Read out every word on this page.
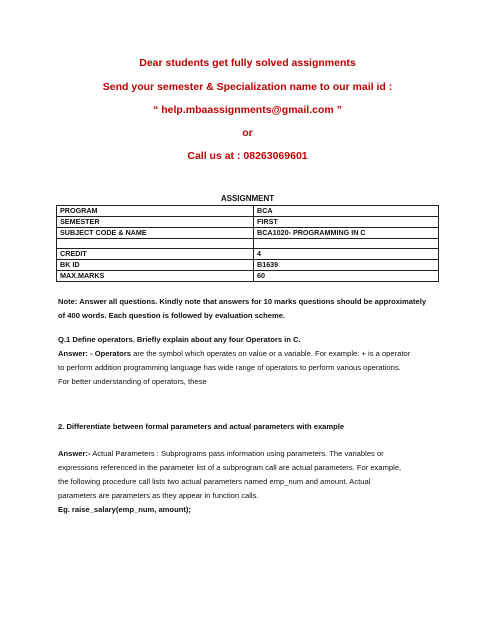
Dear students get fully solved assignments
Send your semester & Specialization name to our mail id :
“ help.mbaassignments@gmail.com ”
or
Call us at : 08263069601
ASSIGNMENT
PROGRAM	BCA
SEMESTER	FIRST
SUBJECT CODE & NAME	BCA1020- PROGRAMMING IN C

CREDIT	4
BK ID	B1639
MAX.MARKS	60
Note: Answer all questions. Kindly note that answers for 10 marks questions should be approximately
of 400 words. Each question is followed by evaluation scheme.
Q.1 Define operators. Briefly explain about any four Operators in C.
Answer: - Operators are the symbol which operates on value or a variable. For example: + is a operator
to perform addition programming language has wide range of operators to perform various operations.
For better understanding of operators, these
2. Differentiate between formal parameters and actual parameters with example
Answer:- Actual Parameters : Subprograms pass information using parameters. The variables or
expressions referenced in the parameter list of a subprogram call are actual parameters. For example,
the following procedure call lists two actual parameters named emp_num and amount. Actual
parameters are parameters as they appear in function calls.
Eg. raise_salary(emp_num, amount);
